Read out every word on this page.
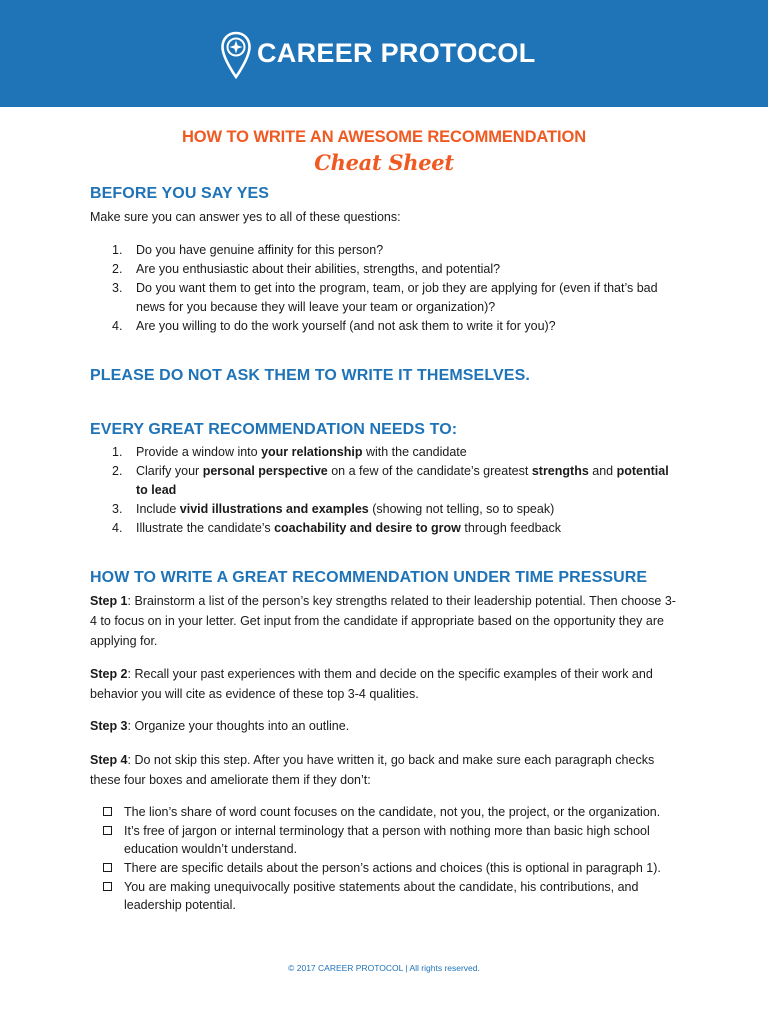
CAREER PROTOCOL
HOW TO WRITE AN AWESOME RECOMMENDATION
Cheat Sheet
BEFORE YOU SAY YES

Make sure you can answer yes to all of these questions:

Do you have genuine affinity for this person?
Are you enthusiastic about their abilities, strengths, and potential?
Do you want them to get into the program, team, or job they are applying for (even if that’s bad news for you because they will leave your team or organization)?
Are you willing to do the work yourself (and not ask them to write it for you)?
PLEASE DO NOT ASK THEM TO WRITE IT THEMSELVES.
EVERY GREAT RECOMMENDATION NEEDS TO:
Provide a window into your relationship with the candidate
Clarify your personal perspective on a few of the candidate’s greatest strengths and potential to lead
Include vivid illustrations and examples (showing not telling, so to speak)
Illustrate the candidate’s coachability and desire to grow through feedback
HOW TO WRITE A GREAT RECOMMENDATION UNDER TIME PRESSURE

Step 1: Brainstorm a list of the person’s key strengths related to their leadership potential. Then choose 3-4 to focus on in your letter. Get input from the candidate if appropriate based on the opportunity they are applying for.

Step 2: Recall your past experiences with them and decide on the specific examples of their work and behavior you will cite as evidence of these top 3-4 qualities.

Step 3: Organize your thoughts into an outline.

Step 4: Do not skip this step. After you have written it, go back and make sure each paragraph checks these four boxes and ameliorate them if they don’t:

The lion’s share of word count focuses on the candidate, not you, the project, or the organization.
It’s free of jargon or internal terminology that a person with nothing more than basic high school education wouldn’t understand.
There are specific details about the person’s actions and choices (this is optional in paragraph 1).
You are making unequivocally positive statements about the candidate, his contributions, and leadership potential.
© 2017 CAREER PROTOCOL | All rights reserved.
